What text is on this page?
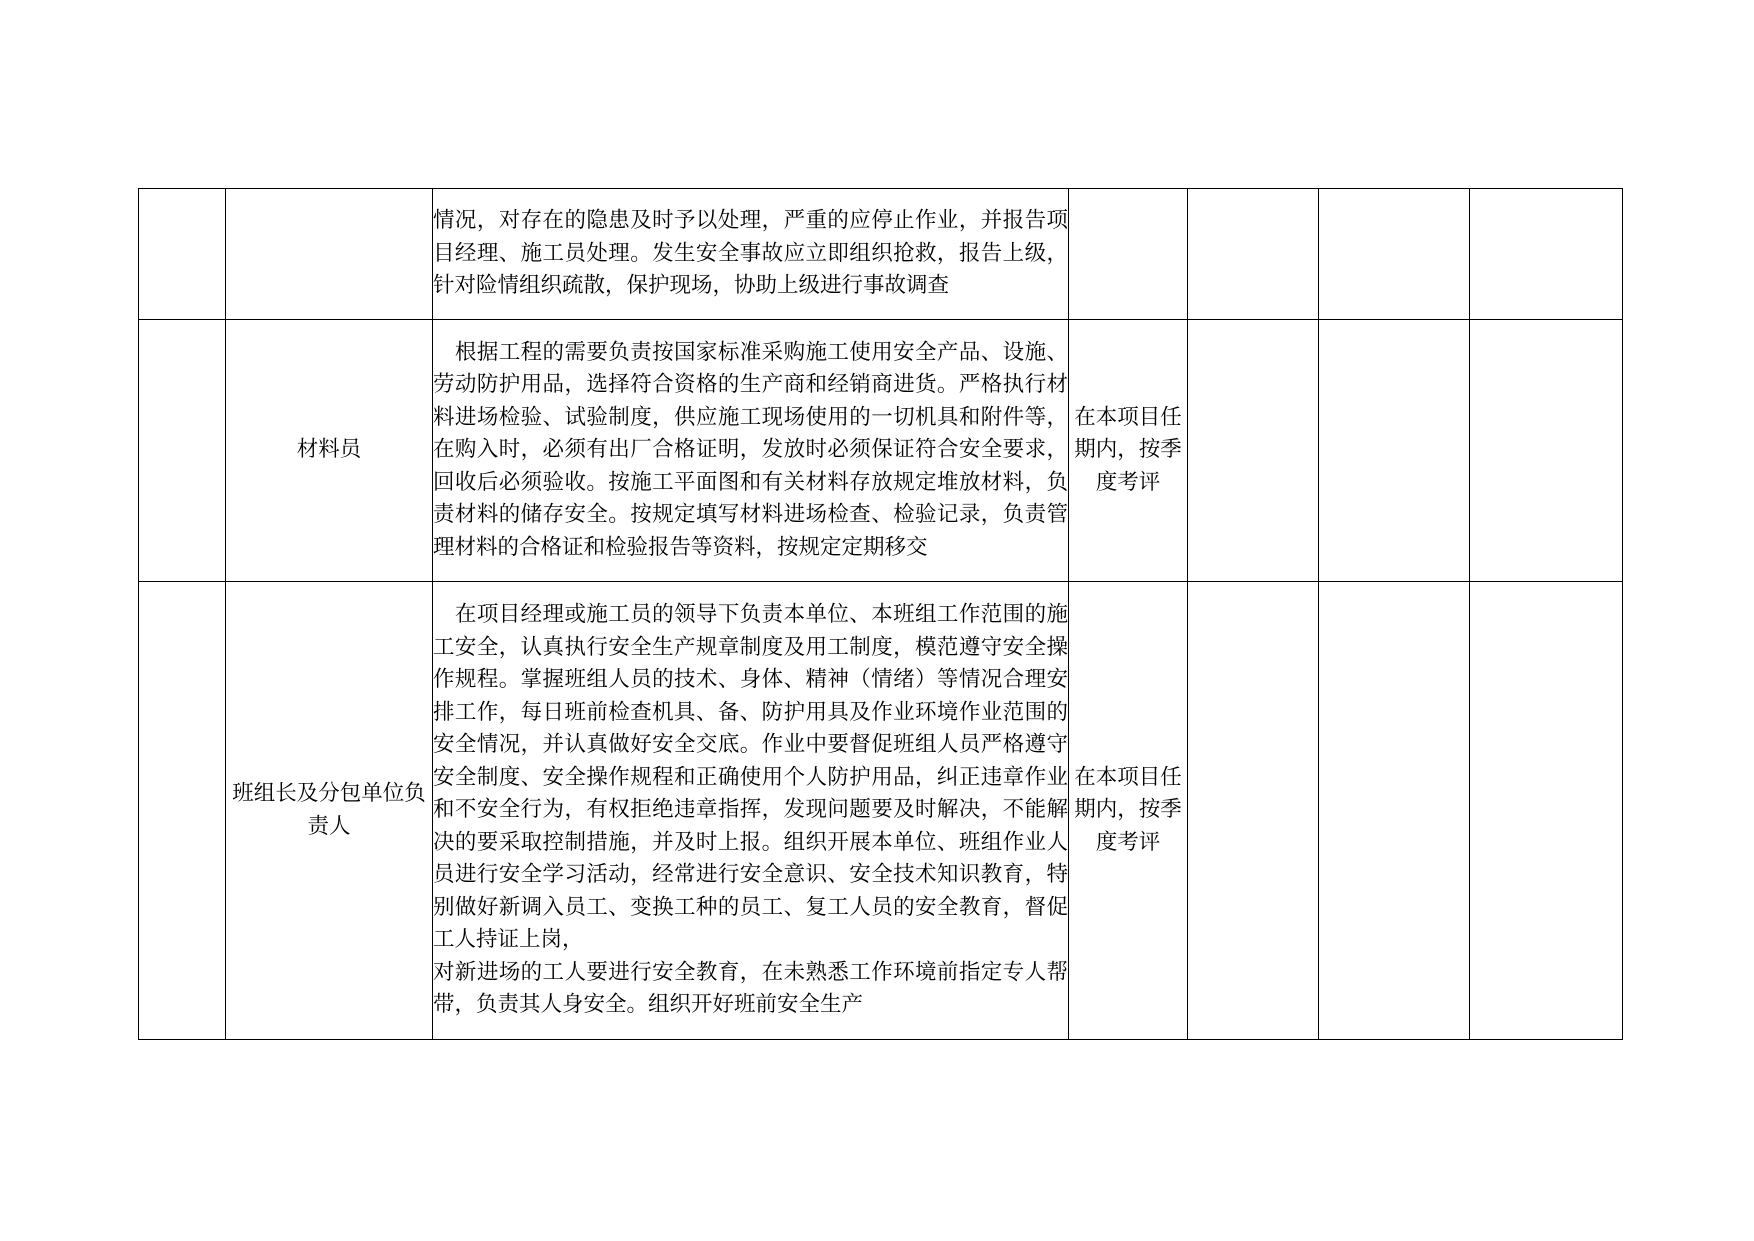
		情况，对存在的隐患及时予以处理，严重的应停止作业，并报告项目经理、施工员处理。发生安全事故应立即组织抢救，报告上级，针对险情组织疏散，保护现场，协助上级进行事故调查				

	材料员	　根据工程的需要负责按国家标准采购施工使用安全产品、设施、劳动防护用品，选择符合资格的生产商和经销商进货。严格执行材料进场检验、试验制度，供应施工现场使用的一切机具和附件等，在购入时，必须有出厂合格证明，发放时必须保证符合安全要求，回收后必须验收。按施工平面图和有关材料存放规定堆放材料，负责材料的储存安全。按规定填写材料进场检查、检验记录，负责管理材料的合格证和检验报告等资料，按规定定期移交	在本项目任期内，按季度考评			

	班组长及分包单位负责人	　在项目经理或施工员的领导下负责本单位、本班组工作范围的施工安全，认真执行安全生产规章制度及用工制度，模范遵守安全操作规程。掌握班组人员的技术、身体、精神（情绪）等情况合理安排工作，每日班前检查机具、备、防护用具及作业环境作业范围的安全情况，并认真做好安全交底。作业中要督促班组人员严格遵守安全制度、安全操作规程和正确使用个人防护用品，纠正违章作业和不安全行为，有权拒绝违章指挥，发现问题要及时解决，不能解决的要采取控制措施，并及时上报。组织开展本单位、班组作业人员进行安全学习活动，经常进行安全意识、安全技术知识教育，特别做好新调入员工、变换工种的员工、复工人员的安全教育，督促工人持证上岗，
对新进场的工人要进行安全教育，在未熟悉工作环境前指定专人帮带，负责其人身安全。组织开好班前安全生产	在本项目任期内，按季度考评			
